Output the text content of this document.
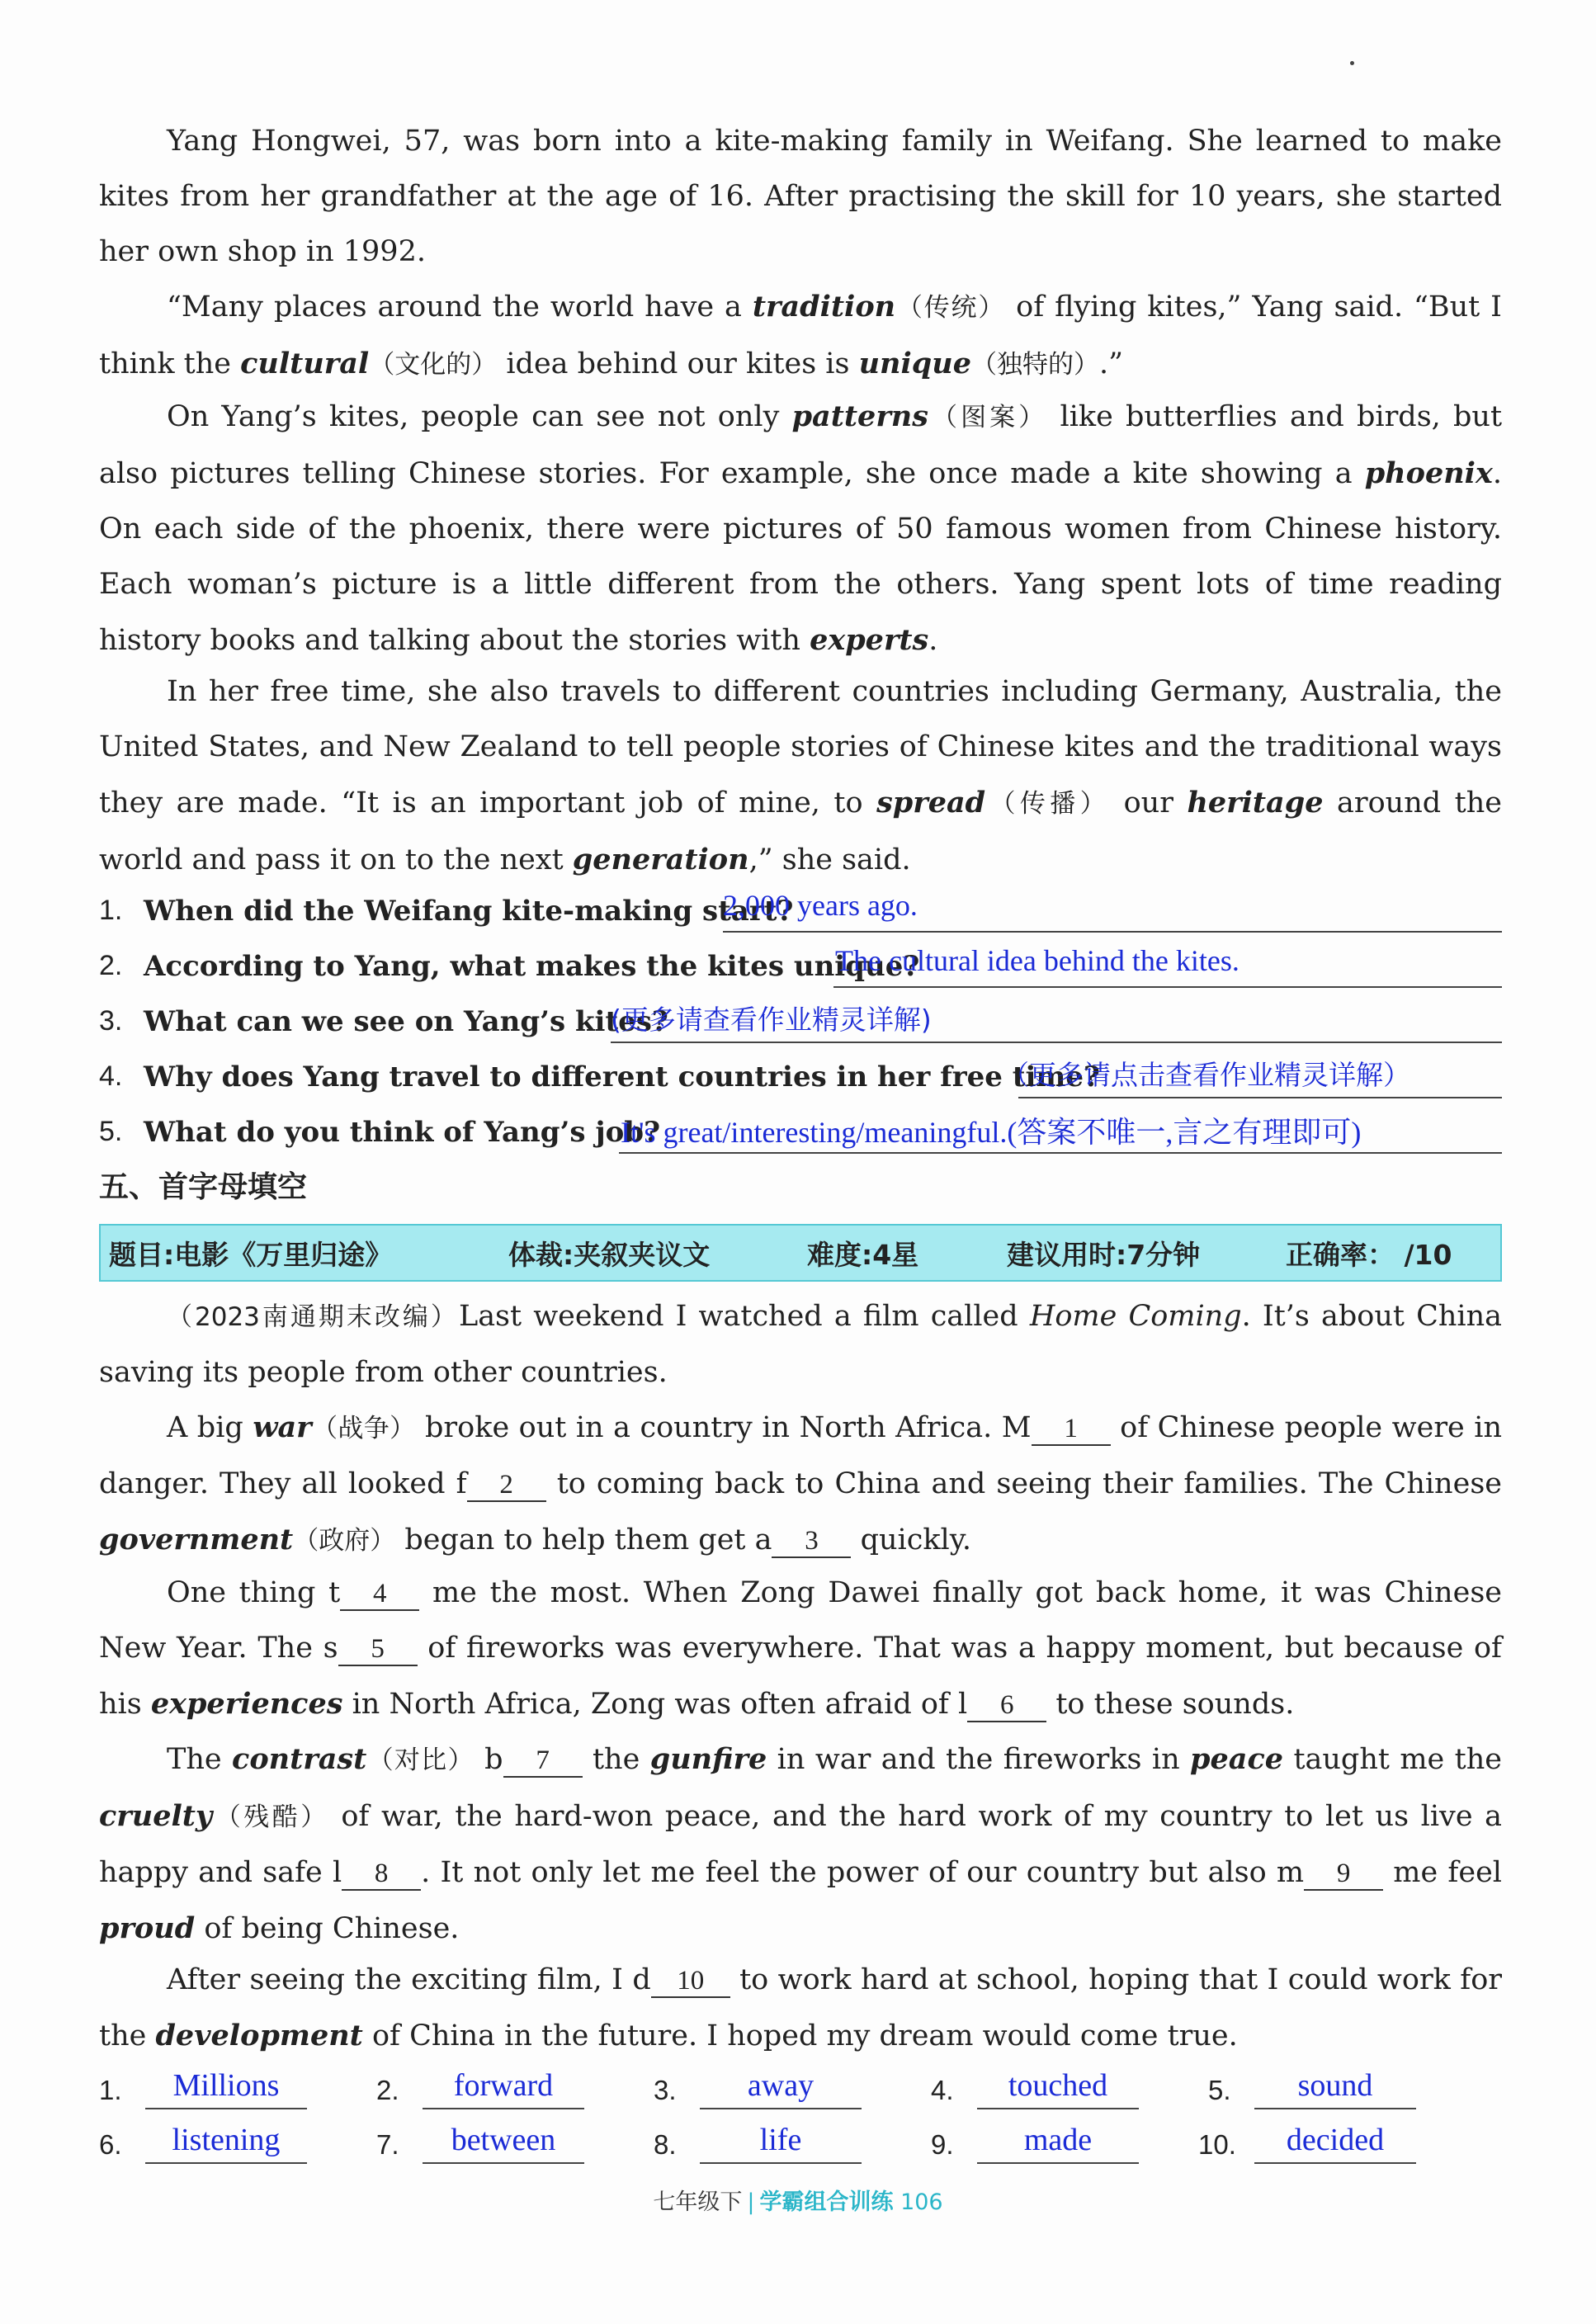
Yang Hongwei, 57, was born into a kite-making family in Weifang. She learned to make kites from her grandfather at the age of 16. After practising the skill for 10 years, she started her own shop in 1992.
“Many places around the world have a tradition（传统） of flying kites,” Yang said. “But I think the cultural（文化的） idea behind our kites is unique（独特的）.”
On Yang’s kites, people can see not only patterns（图案） like butterflies and birds, but also pictures telling Chinese stories. For example, she once made a kite showing a phoenix. On each side of the phoenix, there were pictures of 50 famous women from Chinese history. Each woman’s picture is a little different from the others. Yang spent lots of time reading history books and talking about the stories with experts.
In her free time, she also travels to different countries including Germany, Australia, the United States, and New Zealand to tell people stories of Chinese kites and the traditional ways they are made. “It is an important job of mine, to spread（传播） our heritage around the world and pass it on to the next generation,” she said.
1. When did the Weifang kite-making start?
2,000 years ago.
2. According to Yang, what makes the kites unique?
The cultural idea behind the kites.
3. What can we see on Yang’s kites?
(更多请查看作业精灵详解)
4. Why does Yang travel to different countries in her free time?
（更多请点击查看作业精灵详解）
5. What do you think of Yang’s job?
It's great/interesting/meaningful.(答案不唯一,言之有理即可)
五、首字母填空
题目:电影《万里归途》	体裁:夹叙夹议文	难度:4星	建议用时:7分钟	正确率： /10
（2023南通期末改编）Last weekend I watched a film called Home Coming. It’s about China saving its people from other countries.
A big war（战争） broke out in a country in North Africa. M 1 of Chinese people were in danger. They all looked f 2 to coming back to China and seeing their families. The Chinese government（政府） began to help them get a 3 quickly.
One thing t 4 me the most. When Zong Dawei finally got back home, it was Chinese New Year. The s 5 of fireworks was everywhere. That was a happy moment, but because of his experiences in North Africa, Zong was often afraid of l 6 to these sounds.
The contrast（对比） b 7 the gunfire in war and the fireworks in peace taught me the cruelty（残酷） of war, the hard-won peace, and the hard work of my country to let us live a happy and safe l 8 . It not only let me feel the power of our country but also m 9 me feel proud of being Chinese.
After seeing the exciting film, I d 10 to work hard at school, hoping that I could work for the development of China in the future. I hoped my dream would come true.
1.	Millions	2.	forward	3.	away	4.	touched	5.	sound
6.	listening	7.	between	8.	life	9.	made	10.	decided
七年级下 | 学霸组合训练 106
